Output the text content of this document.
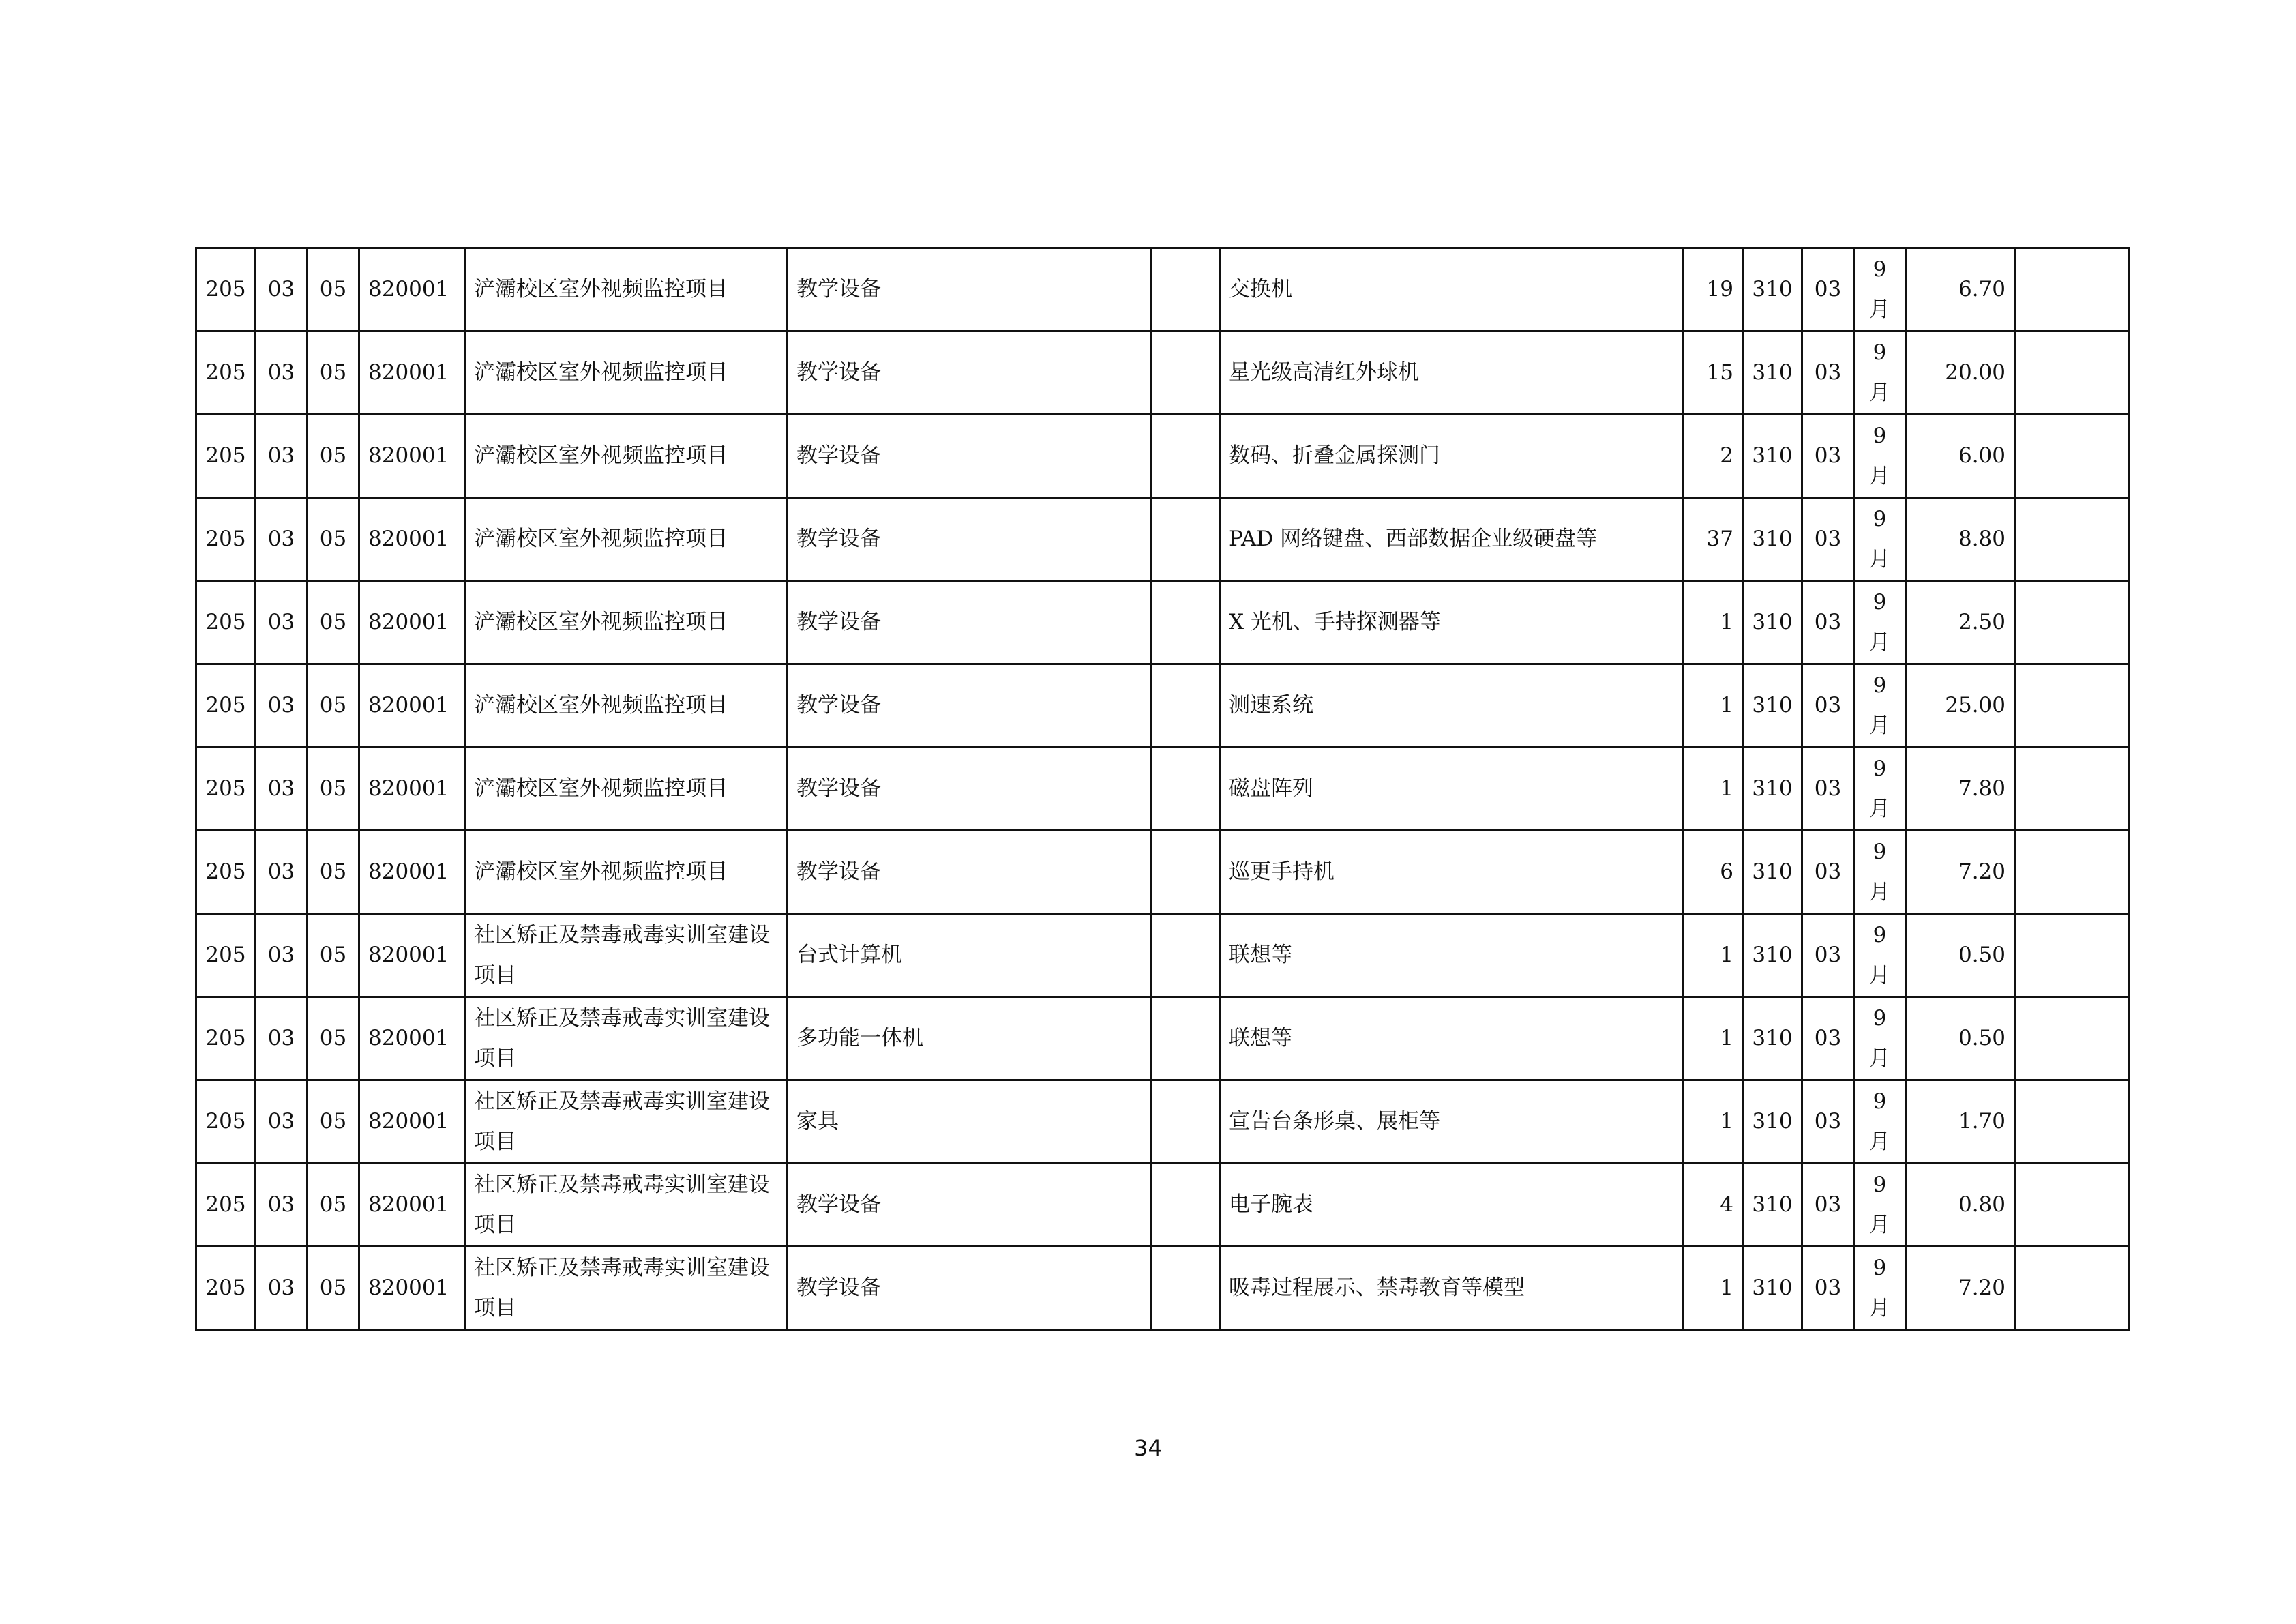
205	03	05	820001	浐灞校区室外视频监控项目	教学设备		交换机	19	310	03	9月	6.70	
205	03	05	820001	浐灞校区室外视频监控项目	教学设备		星光级高清红外球机	15	310	03	9月	20.00	
205	03	05	820001	浐灞校区室外视频监控项目	教学设备		数码、折叠金属探测门	2	310	03	9月	6.00	
205	03	05	820001	浐灞校区室外视频监控项目	教学设备		PAD 网络键盘、西部数据企业级硬盘等	37	310	03	9月	8.80	
205	03	05	820001	浐灞校区室外视频监控项目	教学设备		X 光机、手持探测器等	1	310	03	9月	2.50	
205	03	05	820001	浐灞校区室外视频监控项目	教学设备		测速系统	1	310	03	9月	25.00	
205	03	05	820001	浐灞校区室外视频监控项目	教学设备		磁盘阵列	1	310	03	9月	7.80	
205	03	05	820001	浐灞校区室外视频监控项目	教学设备		巡更手持机	6	310	03	9月	7.20	
205	03	05	820001	社区矫正及禁毒戒毒实训室建设项目	台式计算机		联想等	1	310	03	9月	0.50	
205	03	05	820001	社区矫正及禁毒戒毒实训室建设项目	多功能一体机		联想等	1	310	03	9月	0.50	
205	03	05	820001	社区矫正及禁毒戒毒实训室建设项目	家具		宣告台条形桌、展柜等	1	310	03	9月	1.70	
205	03	05	820001	社区矫正及禁毒戒毒实训室建设项目	教学设备		电子腕表	4	310	03	9月	0.80	
205	03	05	820001	社区矫正及禁毒戒毒实训室建设项目	教学设备		吸毒过程展示、禁毒教育等模型	1	310	03	9月	7.20	
34
